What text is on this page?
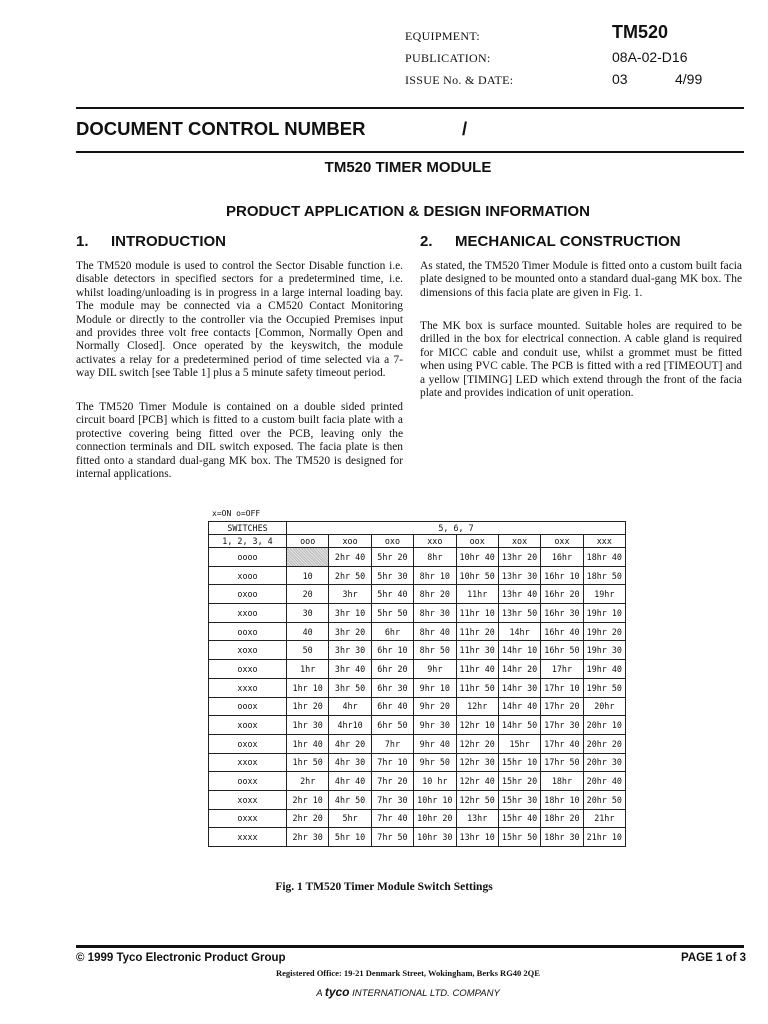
EQUIPMENT:	TM520
PUBLICATION:	08A-02-D16
ISSUE No. & DATE:	03	4/99
DOCUMENT CONTROL NUMBER	/
TM520 TIMER MODULE
PRODUCT APPLICATION & DESIGN INFORMATION
1. INTRODUCTION

The TM520 module is used to control the Sector Disable function i.e. disable detectors in specified sectors for a predetermined time, i.e. whilst loading/unloading is in progress in a large internal loading bay. The module may be connected via a CM520 Contact Monitoring Module or directly to the controller via the Occupied Premises input and provides three volt free contacts [Common, Normally Open and Normally Closed]. Once operated by the keyswitch, the module activates a relay for a predetermined period of time selected via a 7-way DIL switch [see Table 1] plus a 5 minute safety timeout period.

The TM520 Timer Module is contained on a double sided printed circuit board [PCB] which is fitted to a custom built facia plate with a protective covering being fitted over the PCB, leaving only the connection terminals and DIL switch exposed. The facia plate is then fitted onto a standard dual-gang MK box. The TM520 is designed for internal applications.

2. MECHANICAL CONSTRUCTION

As stated, the TM520 Timer Module is fitted onto a custom built facia plate designed to be mounted onto a standard dual-gang MK box. The dimensions of this facia plate are given in Fig. 1.

The MK box is surface mounted. Suitable holes are required to be drilled in the box for electrical connection. A cable gland is required for MICC cable and conduit use, whilst a grommet must be fitted when using PVC cable. The PCB is fitted with a red [TIMEOUT] and a yellow [TIMING] LED which extend through the front of the facia plate and provides indication of unit operation.

x=ON o=OFF
SWITCHES	5, 6, 7							
1, 2, 3, 4	ooo	xoo	oxo	xxo	oox	xox	oxx	xxx
oooo		2hr 40	5hr 20	8hr	10hr 40	13hr 20	16hr	18hr 40
xooo	10	2hr 50	5hr 30	8hr 10	10hr 50	13hr 30	16hr 10	18hr 50
oxoo	20	3hr	5hr 40	8hr 20	11hr	13hr 40	16hr 20	19hr
xxoo	30	3hr 10	5hr 50	8hr 30	11hr 10	13hr 50	16hr 30	19hr 10
ooxo	40	3hr 20	6hr	8hr 40	11hr 20	14hr	16hr 40	19hr 20
xoxo	50	3hr 30	6hr 10	8hr 50	11hr 30	14hr 10	16hr 50	19hr 30
oxxo	1hr	3hr 40	6hr 20	9hr	11hr 40	14hr 20	17hr	19hr 40
xxxo	1hr 10	3hr 50	6hr 30	9hr 10	11hr 50	14hr 30	17hr 10	19hr 50
ooox	1hr 20	4hr	6hr 40	9hr 20	12hr	14hr 40	17hr 20	20hr
xoox	1hr 30	4hr10	6hr 50	9hr 30	12hr 10	14hr 50	17hr 30	20hr 10
oxox	1hr 40	4hr 20	7hr	9hr 40	12hr 20	15hr	17hr 40	20hr 20
xxox	1hr 50	4hr 30	7hr 10	9hr 50	12hr 30	15hr 10	17hr 50	20hr 30
ooxx	2hr	4hr 40	7hr 20	10 hr	12hr 40	15hr 20	18hr	20hr 40
xoxx	2hr 10	4hr 50	7hr 30	10hr 10	12hr 50	15hr 30	18hr 10	20hr 50
oxxx	2hr 20	5hr	7hr 40	10hr 20	13hr	15hr 40	18hr 20	21hr
xxxx	2hr 30	5hr 10	7hr 50	10hr 30	13hr 10	15hr 50	18hr 30	21hr 10
Fig. 1 TM520 Timer Module Switch Settings
© 1999 Tyco Electronic Product Group	PAGE 1 of 3
Registered Office: 19-21 Denmark Street, Wokingham, Berks RG40 2QE
A tyco INTERNATIONAL LTD. COMPANY
